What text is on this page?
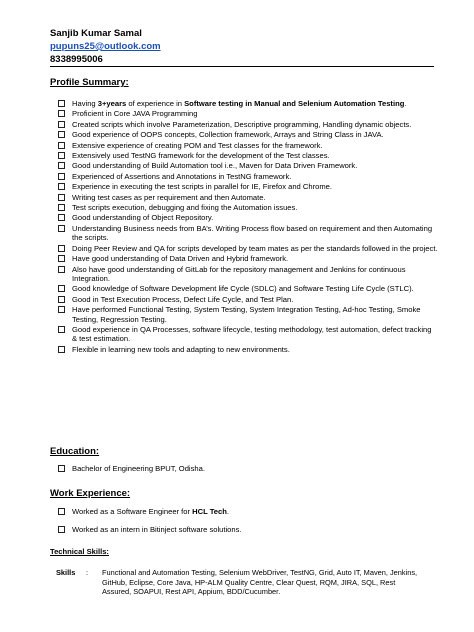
Sanjib Kumar Samal
pupuns25@outlook.com
8338995006
Profile Summary:
Having 3+years of experience in Software testing in Manual and Selenium Automation Testing.
Proficient in Core JAVA Programming
Created scripts which involve Parameterization, Descriptive programming, Handling dynamic objects.
Good experience of OOPS concepts, Collection framework, Arrays and String Class in JAVA.
Extensive experience of creating POM and Test classes for the framework.
Extensively used TestNG framework for the development of the Test classes.
Good understanding of Build Automation tool i.e., Maven for Data Driven Framework.
Experienced of Assertions and Annotations in TestNG framework.
Experience in executing the test scripts in parallel for IE, Firefox and Chrome.
Writing test cases as per requirement and then Automate.
Test scripts execution, debugging and fixing the Automation issues.
Good understanding of Object Repository.
Understanding Business needs from BA’s. Writing Process flow based on requirement and then Automating the scripts.
Doing Peer Review and QA for scripts developed by team mates as per the standards followed in the project.
Have good understanding of Data Driven and Hybrid framework.
Also have good understanding of GitLab for the repository management and Jenkins for continuous Integration.
Good knowledge of Software Development life Cycle (SDLC) and Software Testing Life Cycle (STLC).
Good in Test Execution Process, Defect Life Cycle, and Test Plan.
Have performed Functional Testing, System Testing, System Integration Testing, Ad-hoc Testing, Smoke Testing, Regression Testing.
Good experience in QA Processes, software lifecycle, testing methodology, test automation, defect tracking & test estimation.
Flexible in learning new tools and adapting to new environments.
Education:
Bachelor of Engineering BPUT, Odisha.
Work Experience:
Worked as a Software Engineer for HCL Tech.
Worked as an intern in Bitinject software solutions.
Technical Skills:
Skills	:	Functional and Automation Testing, Selenium WebDriver, TestNG, Grid, Auto IT, Maven, Jenkins, GitHub, Eclipse, Core Java, HP-ALM Quality Centre, Clear Quest, RQM, JIRA, SQL, Rest Assured, SOAPUI, Rest API, Appium, BDD/Cucumber.
